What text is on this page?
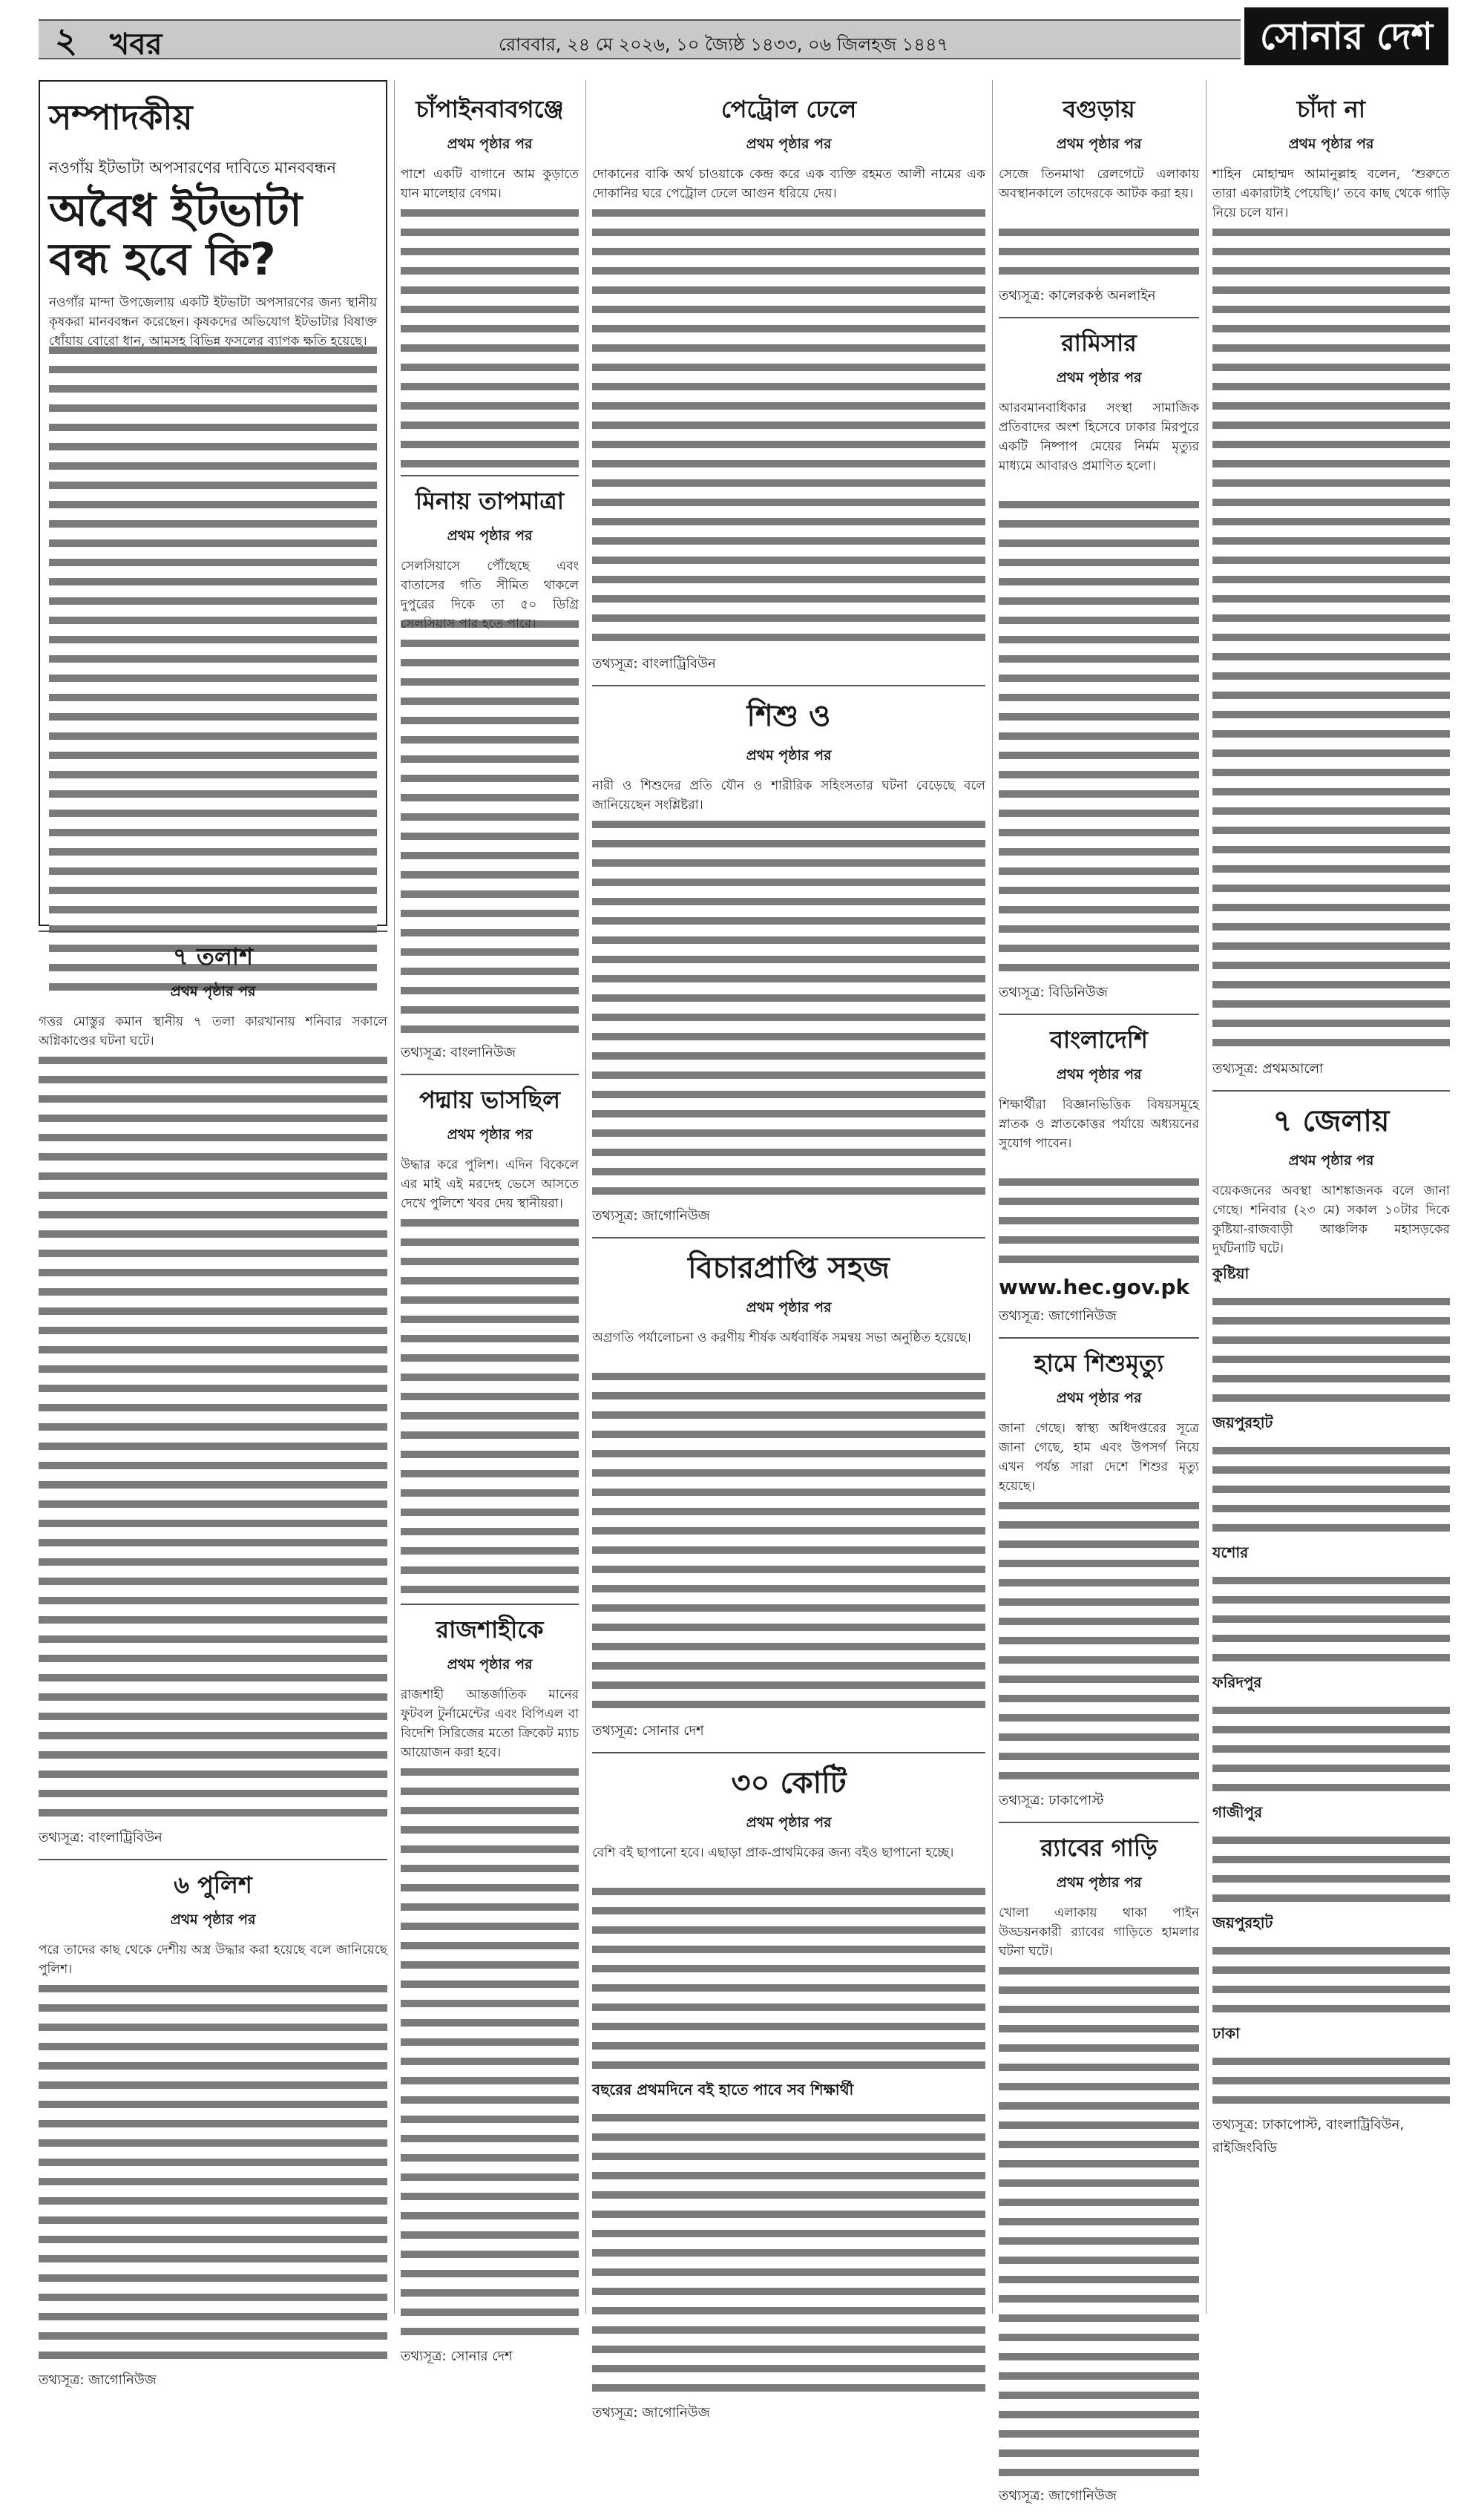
২ খবর	রোববার, ২৪ মে ২০২৬, ১০ জ্যৈষ্ঠ ১৪৩৩, ০৬ জিলহজ ১৪৪৭	সোনার দেশ
সম্পাদকীয়
নওগাঁয় ইটভাটা অপসারণের দাবিতে মানববন্ধন
অবৈধ ইটভাটা বন্ধ হবে কি?
নওগাঁর মান্দা উপজেলায় একটি ইটভাটা অপসারণের জন্য স্থানীয় কৃষকরা মানববন্ধন করেছেন। কৃষকদের অভিযোগ ইটভাটার বিষাক্ত ধোঁয়ায় বোরো ধান, আমসহ বিভিন্ন ফসলের ব্যাপক ক্ষতি হয়েছে।
৭ তলাশ
প্রথম পৃষ্ঠার পর
গত্তর মোস্তুর কমান স্থানীয় ৭ তলা কারখানায় শনিবার সকালে অগ্নিকাণ্ডের ঘটনা ঘটে।
তথ্যসূত্র: বাংলাট্রিবিউন
৬ পুলিশ
প্রথম পৃষ্ঠার পর
পরে তাদের কাছ থেকে দেশীয় অস্ত্র উদ্ধার করা হয়েছে বলে জানিয়েছে পুলিশ।
তথ্যসূত্র: জাগোনিউজ
চাঁপাইনবাবগঞ্জে
প্রথম পৃষ্ঠার পর
পাশে একটি বাগানে আম কুড়াতে যান মালেহার বেগম।
মিনায় তাপমাত্রা
প্রথম পৃষ্ঠার পর
সেলসিয়াসে পৌঁছেছে এবং বাতাসের গতি সীমিত থাকলে দুপুরের দিকে তা ৫০ ডিগ্রি সেলসিয়াস পার হতে পারে।
তথ্যসূত্র: বাংলানিউজ
পদ্মায় ভাসছিল
প্রথম পৃষ্ঠার পর
উদ্ধার করে পুলিশ। এদিন বিকেলে এর মাই এই মরদেহ ভেসে আসতে দেখে পুলিশে খবর দেয় স্থানীয়রা।
রাজশাহীকে
প্রথম পৃষ্ঠার পর
রাজশাহী আন্তর্জাতিক মানের ফুটবল টুর্নামেন্টের এবং বিপিএল বা বিদেশি সিরিজের মতো ক্রিকেট ম্যাচ আয়োজন করা হবে।
তথ্যসূত্র: সোনার দেশ
পেট্রোল ঢেলে
প্রথম পৃষ্ঠার পর
দোকানের বাকি অর্থ চাওয়াকে কেন্দ্র করে এক ব্যক্তি রহমত আলী নামের এক দোকানির ঘরে পেট্রোল ঢেলে আগুন ধরিয়ে দেয়।
তথ্যসূত্র: বাংলাট্রিবিউন
শিশু ও
প্রথম পৃষ্ঠার পর
নারী ও শিশুদের প্রতি যৌন ও শারীরিক সহিংসতার ঘটনা বেড়েছে বলে জানিয়েছেন সংশ্লিষ্টরা।
তথ্যসূত্র: জাগোনিউজ
বিচারপ্রাপ্তি সহজ
প্রথম পৃষ্ঠার পর
অগ্রগতি পর্যালোচনা ও করণীয় শীর্ষক অর্ধবার্ষিক সমন্বয় সভা অনুষ্ঠিত হয়েছে।
তথ্যসূত্র: সোনার দেশ
৩০ কোটি
প্রথম পৃষ্ঠার পর
বেশি বই ছাপানো হবে। এছাড়া প্রাক-প্রাথমিকের জন্য বইও ছাপানো হচ্ছে।
বছরের প্রথমদিনে বই হাতে পাবে সব শিক্ষার্থী
তথ্যসূত্র: জাগোনিউজ
বগুড়ায়
প্রথম পৃষ্ঠার পর
সেজে তিনমাথা রেলগেটে এলাকায় অবস্থানকালে তাদেরকে আটক করা হয়।
তথ্যসূত্র: কালেরকণ্ঠ অনলাইন
রামিসার
প্রথম পৃষ্ঠার পর
আরবমানবাধিকার সংস্থা সামাজিক প্রতিবাদের অংশ হিসেবে ঢাকার মিরপুরে একটি নিষ্পাপ মেয়ের নির্মম মৃত্যুর মাধ্যমে আবারও প্রমাণিত হলো।
তথ্যসূত্র: বিডিনিউজ
বাংলাদেশি
প্রথম পৃষ্ঠার পর
শিক্ষার্থীরা বিজ্ঞানভিত্তিক বিষয়সমূহে স্নাতক ও স্নাতকোত্তর পর্যায়ে অধ্যয়নের সুযোগ পাবেন।
www.hec.gov.pk
তথ্যসূত্র: জাগোনিউজ
হামে শিশুমৃত্যু
প্রথম পৃষ্ঠার পর
জানা গেছে। স্বাস্থ্য অধিদপ্তরের সূত্রে জানা গেছে, হাম এবং উপসর্গ নিয়ে এখন পর্যন্ত সারা দেশে শিশুর মৃত্যু হয়েছে।
তথ্যসূত্র: ঢাকাপোস্ট
র‍্যাবের গাড়ি
প্রথম পৃষ্ঠার পর
খোলা এলাকায় থাকা পাইন উড্ডয়নকারী র‍্যাবের গাড়িতে হামলার ঘটনা ঘটে।
তথ্যসূত্র: জাগোনিউজ
চাঁদা না
প্রথম পৃষ্ঠার পর
শাহিন মোহাম্মদ আমানুল্লাহ বলেন, ‘শুরুতে তারা একারাটাই পেয়েছি।’ তবে কাছ থেকে গাড়ি নিয়ে চলে যান।
তথ্যসূত্র: প্রথমআলো
৭ জেলায়
প্রথম পৃষ্ঠার পর
বয়েকজনের অবস্থা আশঙ্কাজনক বলে জানা গেছে। শনিবার (২৩ মে) সকাল ১০টার দিকে কুষ্টিয়া-রাজবাড়ী আঞ্চলিক মহাসড়কের দুর্ঘটনাটি ঘটে।
কুষ্টিয়া
জয়পুরহাট
যশোর
ফরিদপুর
গাজীপুর
জয়পুরহাট
ঢাকা
তথ্যসূত্র: ঢাকাপোস্ট, বাংলাট্রিবিউন, রাইজিংবিডি
